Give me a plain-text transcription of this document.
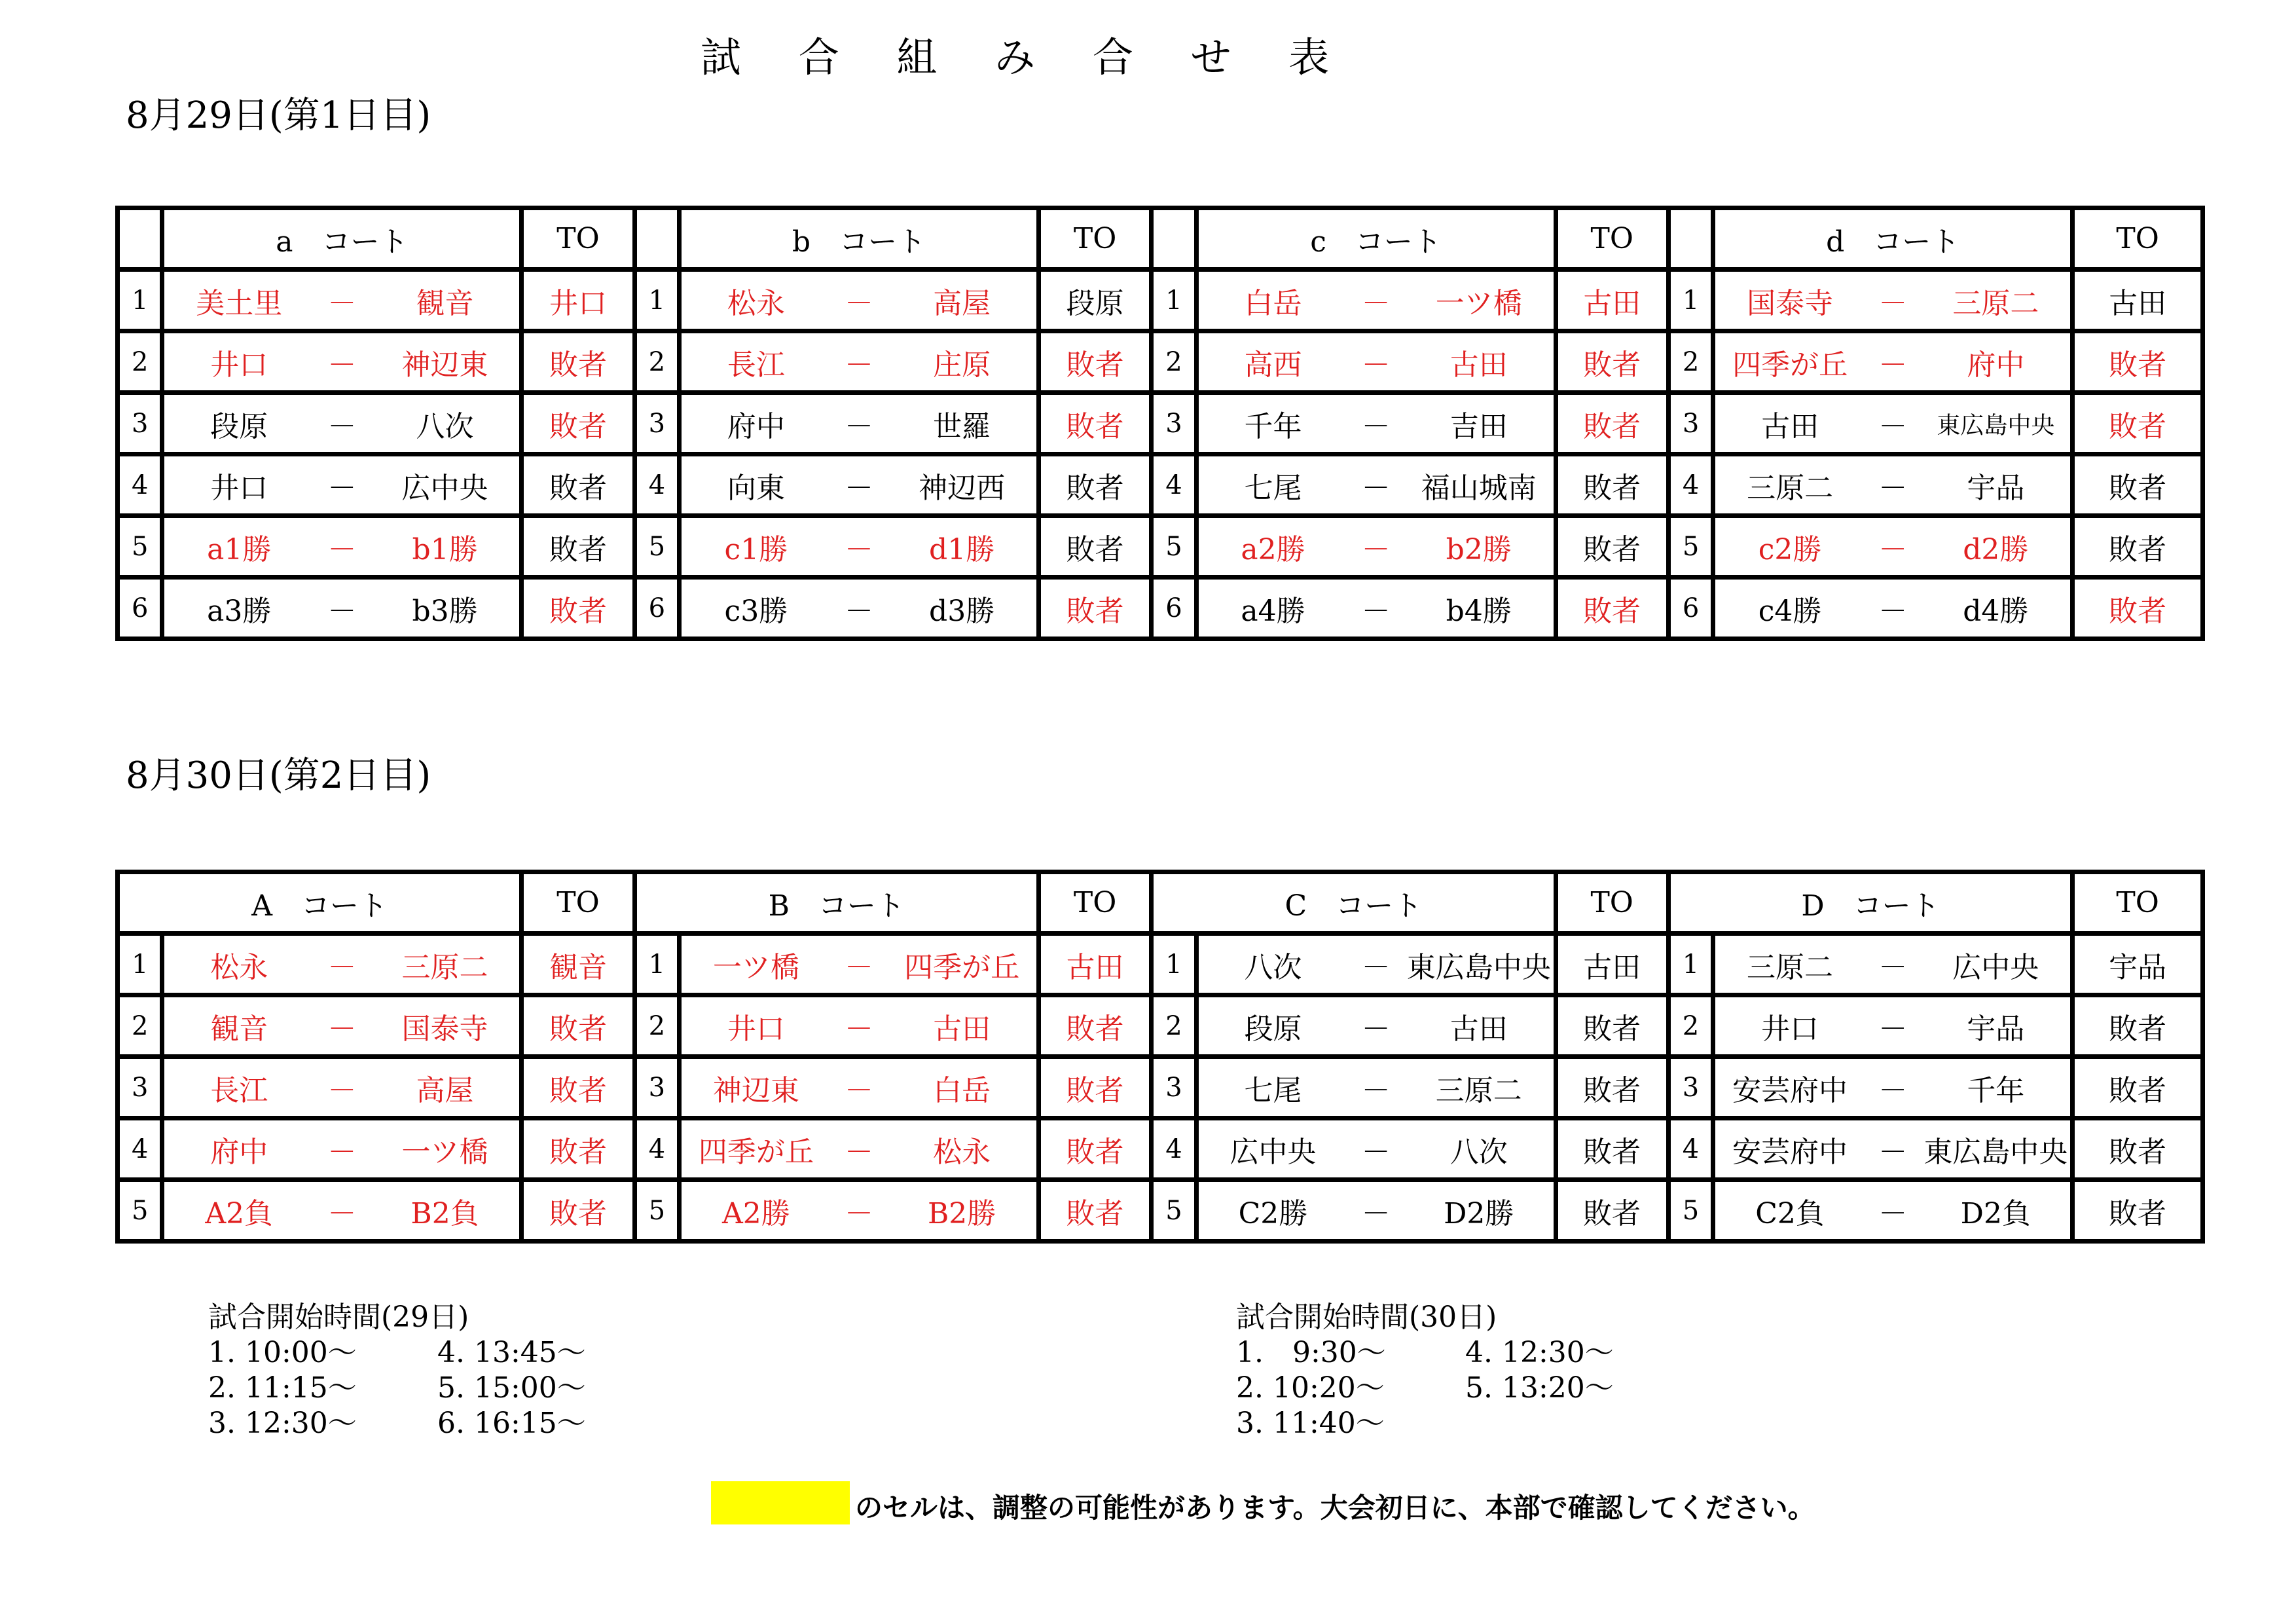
試 合 組 み 合 せ 表
8月29日(第1日目)
	a　コート	TO		b　コート	TO		c　コート	TO		d　コート	TO
1	美土里 － 観音	井口	1	松永 － 高屋	段原	1	白岳 － 一ツ橋	古田	1	国泰寺 － 三原二	古田
2	井口 － 神辺東	敗者	2	長江 － 庄原	敗者	2	高西 － 古田	敗者	2	四季が丘 － 府中	敗者
3	段原 － 八次	敗者	3	府中 － 世羅	敗者	3	千年 － 吉田	敗者	3	古田 － 東広島中央	敗者
4	井口 － 広中央	敗者	4	向東 － 神辺西	敗者	4	七尾 － 福山城南	敗者	4	三原二 － 宇品	敗者
5	a1勝 － b1勝	敗者	5	c1勝 － d1勝	敗者	5	a2勝 － b2勝	敗者	5	c2勝 － d2勝	敗者
6	a3勝 － b3勝	敗者	6	c3勝 － d3勝	敗者	6	a4勝 － b4勝	敗者	6	c4勝 － d4勝	敗者
8月30日(第2日目)
A　コート		TO	B　コート		TO	C　コート		TO	D　コート		TO
1	松永 － 三原二	観音	1	一ツ橋 － 四季が丘	古田	1	八次 － 東広島中央	古田	1	三原二 － 広中央	宇品
2	観音 － 国泰寺	敗者	2	井口 － 古田	敗者	2	段原 － 古田	敗者	2	井口 － 宇品	敗者
3	長江 － 高屋	敗者	3	神辺東 － 白岳	敗者	3	七尾 － 三原二	敗者	3	安芸府中 － 千年	敗者
4	府中 － 一ツ橋	敗者	4	四季が丘 － 松永	敗者	4	広中央 － 八次	敗者	4	安芸府中 － 東広島中央	敗者
5	A2負 － B2負	敗者	5	A2勝 － B2勝	敗者	5	C2勝 － D2勝	敗者	5	C2負 － D2負	敗者
試合開始時間(29日)
1. 10:00～	4. 13:45～
2. 11:15～	5. 15:00～
3. 12:30～	6. 16:15～
試合開始時間(30日)
1.　9:30～	4. 12:30～
2. 10:20～	5. 13:20～
3. 11:40～
のセルは、調整の可能性があります。大会初日に、本部で確認してください。
